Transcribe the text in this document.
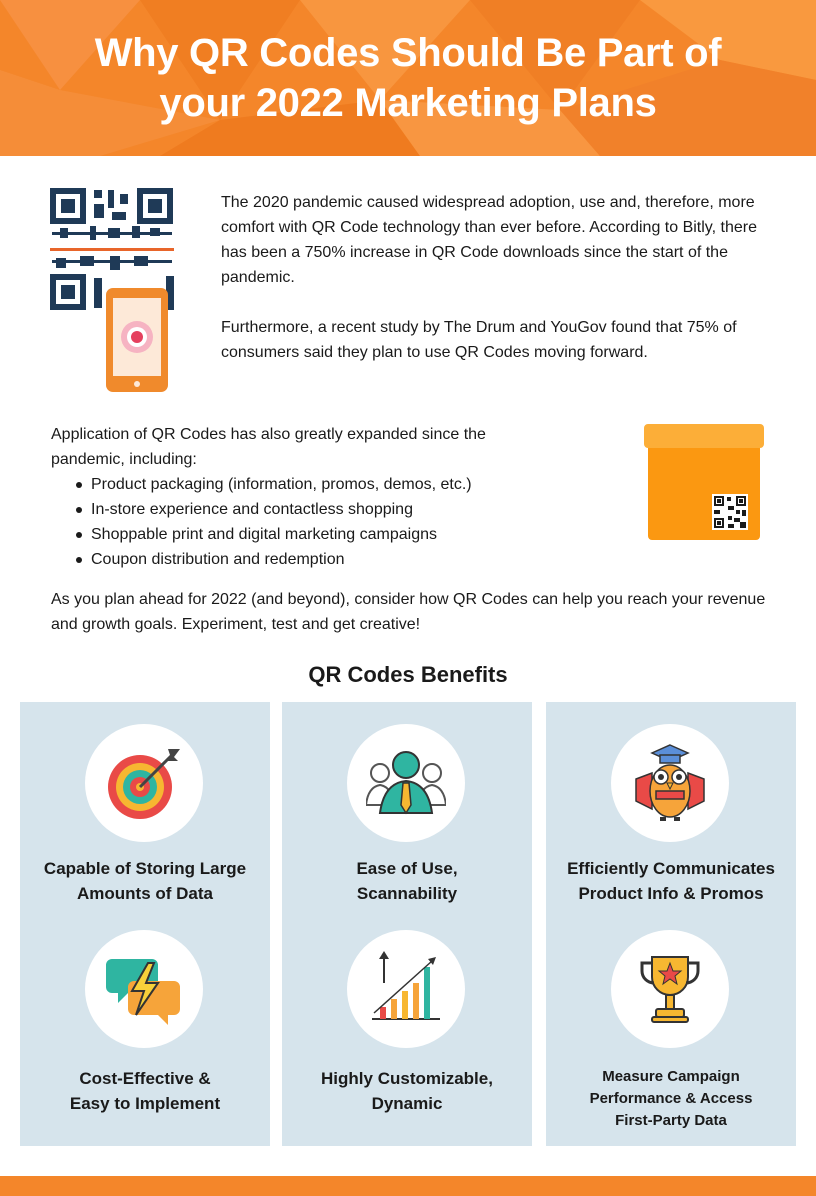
Why QR Codes Should Be Part of
your 2022 Marketing Plans

The 2020 pandemic caused widespread adoption, use and, therefore, more comfort with QR Code technology than ever before. According to Bitly, there has been a 750% increase in QR Code downloads since the start of the pandemic.

Furthermore, a recent study by The Drum and YouGov found that 75% of consumers said they plan to use QR Codes moving forward.

Application of QR Codes has also greatly expanded since the pandemic, including:

Product packaging (information, promos, demos, etc.)
In-store experience and contactless shopping
Shoppable print and digital marketing campaigns
Coupon distribution and redemption

As you plan ahead for 2022 (and beyond), consider how QR Codes can help you reach your revenue and growth goals. Experiment, test and get creative!

QR Codes Benefits
Capable of Storing Large
Amounts of Data
Cost-Effective &
Easy to Implement
Ease of Use,
Scannability
Highly Customizable,
Dynamic
Efficiently Communicates
Product Info & Promos
Measure Campaign
Performance & Access
First-Party Data
